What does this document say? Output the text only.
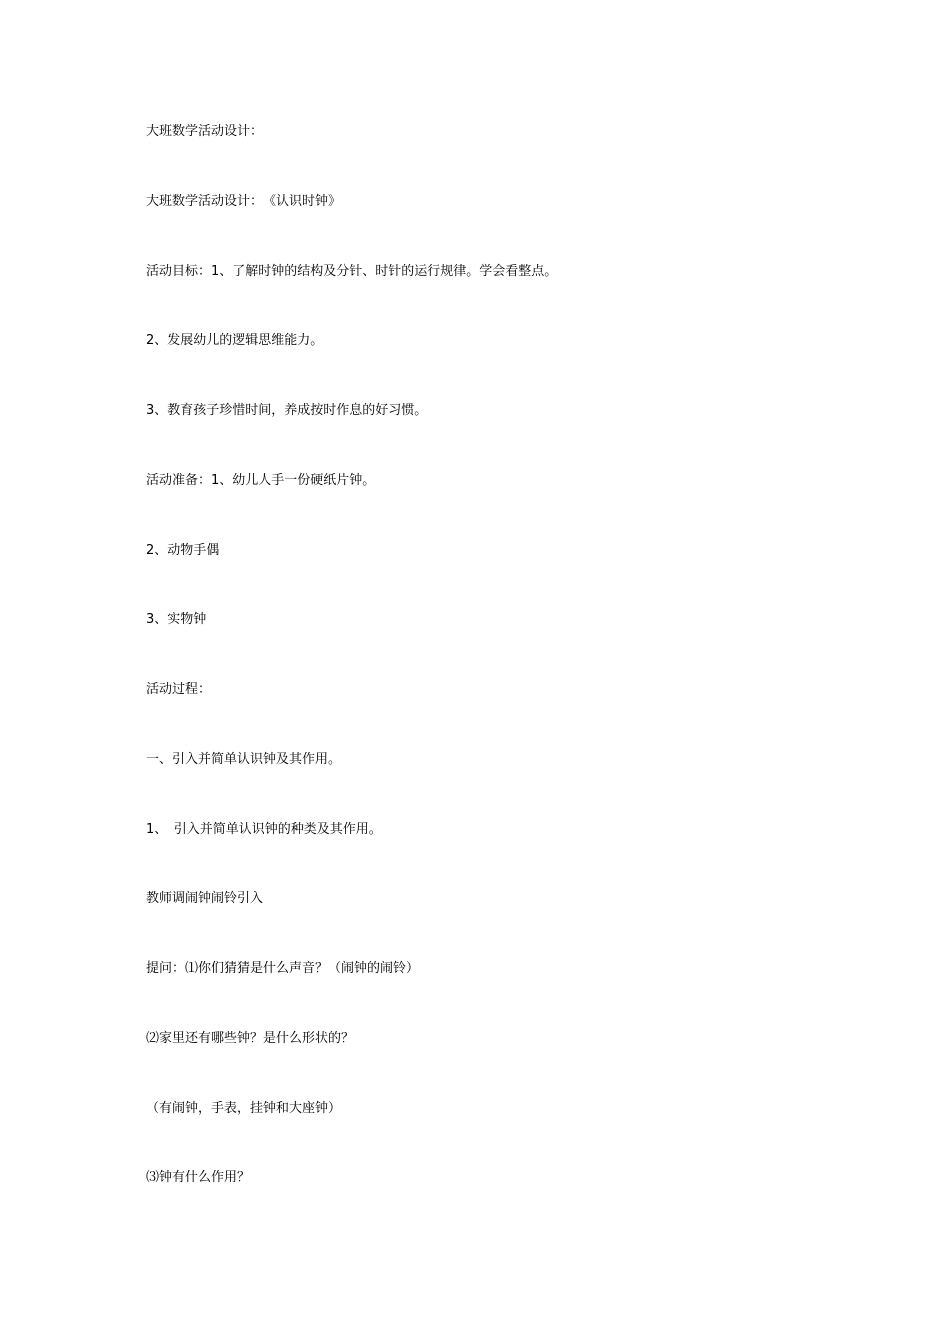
大班数学活动设计：

大班数学活动设计：　《认识时钟》

活动目标：1、了解时钟的结构及分针、时针的运行规律。学会看整点。

2、发展幼儿的逻辑思维能力。

3、教育孩子珍惜时间，养成按时作息的好习惯。

活动准备：1、幼儿人手一份硬纸片钟。

2、动物手偶

3、实物钟

活动过程：

一、引入并简单认识钟及其作用。

1、　引入并简单认识钟的种类及其作用。

教师调闹钟闹铃引入

提问：⑴你们猜猜是什么声音？（闹钟的闹铃）

⑵家里还有哪些钟？是什么形状的？

（有闹钟，手表，挂钟和大座钟）

⑶钟有什么作用？
